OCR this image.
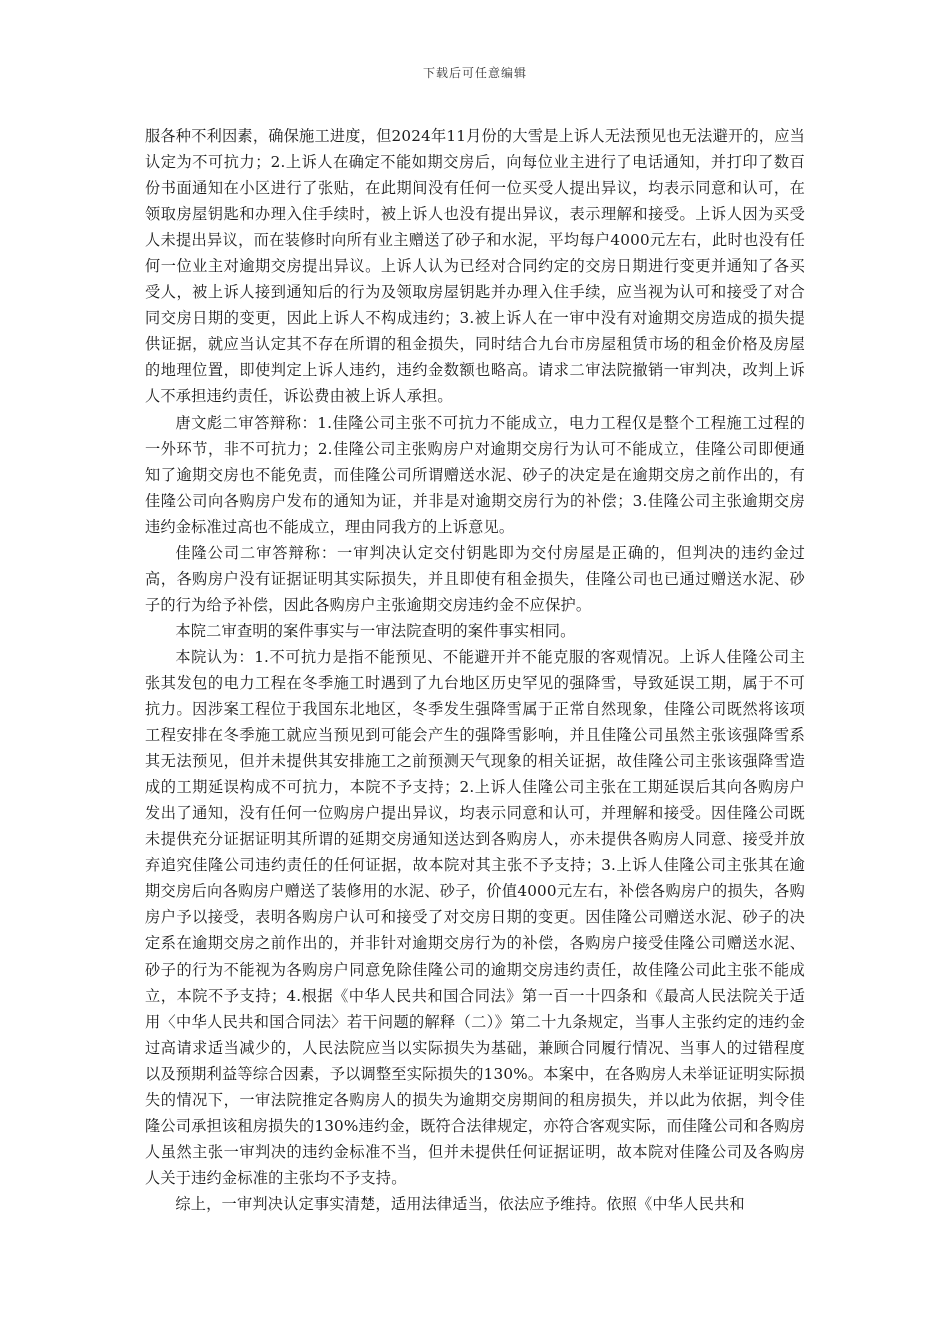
下载后可任意编辑

服各种不利因素，确保施工进度，但2024年11月份的大雪是上诉人无法预见也无法避开的，应当认定为不可抗力；2.上诉人在确定不能如期交房后，向每位业主进行了电话通知，并打印了数百份书面通知在小区进行了张贴，在此期间没有任何一位买受人提出异议，均表示同意和认可，在领取房屋钥匙和办理入住手续时，被上诉人也没有提出异议，表示理解和接受。上诉人因为买受人未提出异议，而在装修时向所有业主赠送了砂子和水泥，平均每户4000元左右，此时也没有任何一位业主对逾期交房提出异议。上诉人认为已经对合同约定的交房日期进行变更并通知了各买受人，被上诉人接到通知后的行为及领取房屋钥匙并办理入住手续，应当视为认可和接受了对合同交房日期的变更，因此上诉人不构成违约；3.被上诉人在一审中没有对逾期交房造成的损失提供证据，就应当认定其不存在所谓的租金损失，同时结合九台市房屋租赁市场的租金价格及房屋的地理位置，即使判定上诉人违约，违约金数额也略高。请求二审法院撤销一审判决，改判上诉人不承担违约责任，诉讼费由被上诉人承担。

唐文彪二审答辩称：1.佳隆公司主张不可抗力不能成立，电力工程仅是整个工程施工过程的一外环节，非不可抗力；2.佳隆公司主张购房户对逾期交房行为认可不能成立，佳隆公司即便通知了逾期交房也不能免责，而佳隆公司所谓赠送水泥、砂子的决定是在逾期交房之前作出的，有佳隆公司向各购房户发布的通知为证，并非是对逾期交房行为的补偿；3.佳隆公司主张逾期交房违约金标准过高也不能成立，理由同我方的上诉意见。

佳隆公司二审答辩称：一审判决认定交付钥匙即为交付房屋是正确的，但判决的违约金过高，各购房户没有证据证明其实际损失，并且即使有租金损失，佳隆公司也已通过赠送水泥、砂子的行为给予补偿，因此各购房户主张逾期交房违约金不应保护。

本院二审查明的案件事实与一审法院查明的案件事实相同。

本院认为：1.不可抗力是指不能预见、不能避开并不能克服的客观情况。上诉人佳隆公司主张其发包的电力工程在冬季施工时遇到了九台地区历史罕见的强降雪，导致延误工期，属于不可抗力。因涉案工程位于我国东北地区，冬季发生强降雪属于正常自然现象，佳隆公司既然将该项工程安排在冬季施工就应当预见到可能会产生的强降雪影响，并且佳隆公司虽然主张该强降雪系其无法预见，但并未提供其安排施工之前预测天气现象的相关证据，故佳隆公司主张该强降雪造成的工期延误构成不可抗力，本院不予支持；2.上诉人佳隆公司主张在工期延误后其向各购房户发出了通知，没有任何一位购房户提出异议，均表示同意和认可，并理解和接受。因佳隆公司既未提供充分证据证明其所谓的延期交房通知送达到各购房人，亦未提供各购房人同意、接受并放弃追究佳隆公司违约责任的任何证据，故本院对其主张不予支持；3.上诉人佳隆公司主张其在逾期交房后向各购房户赠送了装修用的水泥、砂子，价值4000元左右，补偿各购房户的损失，各购房户予以接受，表明各购房户认可和接受了对交房日期的变更。因佳隆公司赠送水泥、砂子的决定系在逾期交房之前作出的，并非针对逾期交房行为的补偿，各购房户接受佳隆公司赠送水泥、砂子的行为不能视为各购房户同意免除佳隆公司的逾期交房违约责任，故佳隆公司此主张不能成立，本院不予支持；4.根据《中华人民共和国合同法》第一百一十四条和《最高人民法院关于适用〈中华人民共和国合同法〉若干问题的解释（二）》第二十九条规定，当事人主张约定的违约金过高请求适当减少的，人民法院应当以实际损失为基础，兼顾合同履行情况、当事人的过错程度以及预期利益等综合因素，予以调整至实际损失的130%。本案中，在各购房人未举证证明实际损失的情况下，一审法院推定各购房人的损失为逾期交房期间的租房损失，并以此为依据，判令佳隆公司承担该租房损失的130%违约金，既符合法律规定，亦符合客观实际，而佳隆公司和各购房人虽然主张一审判决的违约金标准不当，但并未提供任何证据证明，故本院对佳隆公司及各购房人关于违约金标准的主张均不予支持。

综上，一审判决认定事实清楚，适用法律适当，依法应予维持。依照《中华人民共和
